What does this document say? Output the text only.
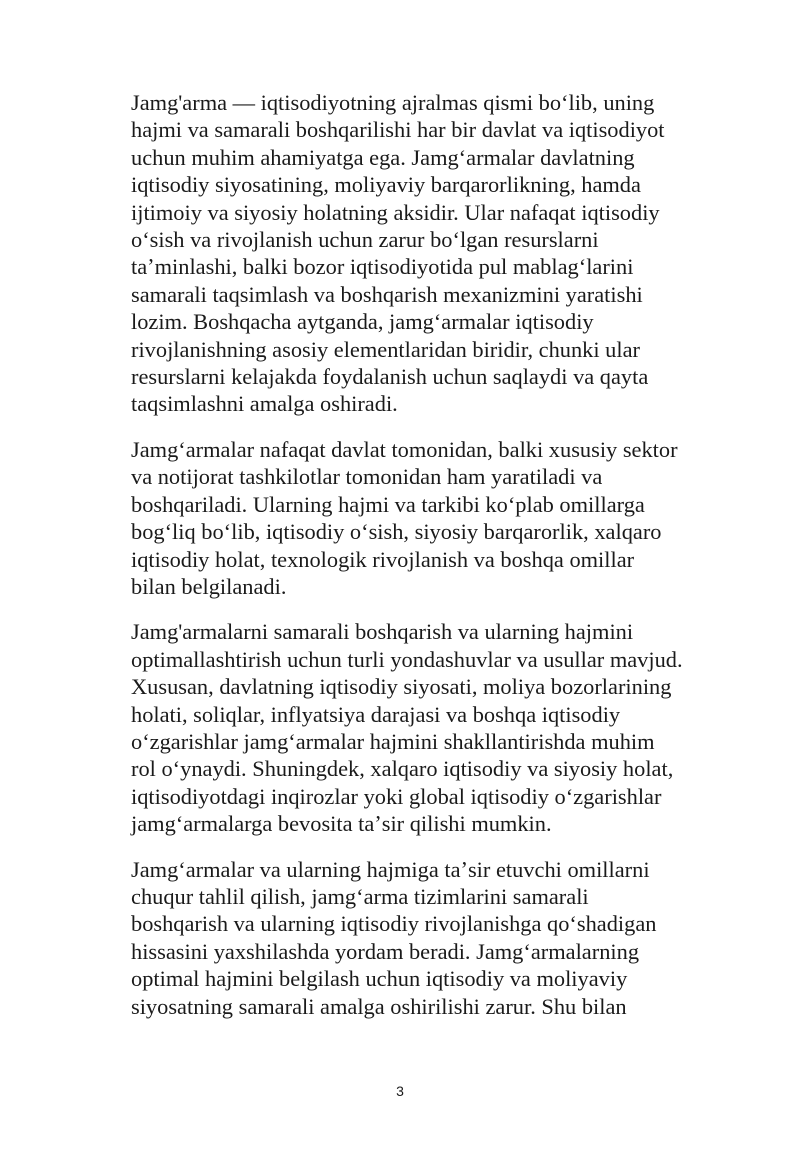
Jamg'arma — iqtisodiyotning ajralmas qismi boʻlib, uning
hajmi va samarali boshqarilishi har bir davlat va iqtisodiyot
uchun muhim ahamiyatga ega. Jamgʻarmalar davlatning
iqtisodiy siyosatining, moliyaviy barqarorlikning, hamda
ijtimoiy va siyosiy holatning aksidir. Ular nafaqat iqtisodiy
oʻsish va rivojlanish uchun zarur boʻlgan resurslarni
taʼminlashi, balki bozor iqtisodiyotida pul mablagʻlarini
samarali taqsimlash va boshqarish mexanizmini yaratishi
lozim. Boshqacha aytganda, jamgʻarmalar iqtisodiy
rivojlanishning asosiy elementlaridan biridir, chunki ular
resurslarni kelajakda foydalanish uchun saqlaydi va qayta
taqsimlashni amalga oshiradi.

Jamgʻarmalar nafaqat davlat tomonidan, balki xususiy sektor
va notijorat tashkilotlar tomonidan ham yaratiladi va
boshqariladi. Ularning hajmi va tarkibi koʻplab omillarga
bogʻliq boʻlib, iqtisodiy oʻsish, siyosiy barqarorlik, xalqaro
iqtisodiy holat, texnologik rivojlanish va boshqa omillar
bilan belgilanadi.

Jamg'armalarni samarali boshqarish va ularning hajmini
optimallashtirish uchun turli yondashuvlar va usullar mavjud.
Xususan, davlatning iqtisodiy siyosati, moliya bozorlarining
holati, soliqlar, inflyatsiya darajasi va boshqa iqtisodiy
oʻzgarishlar jamgʻarmalar hajmini shakllantirishda muhim
rol oʻynaydi. Shuningdek, xalqaro iqtisodiy va siyosiy holat,
iqtisodiyotdagi inqirozlar yoki global iqtisodiy oʻzgarishlar
jamgʻarmalarga bevosita taʼsir qilishi mumkin.

Jamgʻarmalar va ularning hajmiga taʼsir etuvchi omillarni
chuqur tahlil qilish, jamgʻarma tizimlarini samarali
boshqarish va ularning iqtisodiy rivojlanishga qoʻshadigan
hissasini yaxshilashda yordam beradi. Jamgʻarmalarning
optimal hajmini belgilash uchun iqtisodiy va moliyaviy
siyosatning samarali amalga oshirilishi zarur. Shu bilan

3
